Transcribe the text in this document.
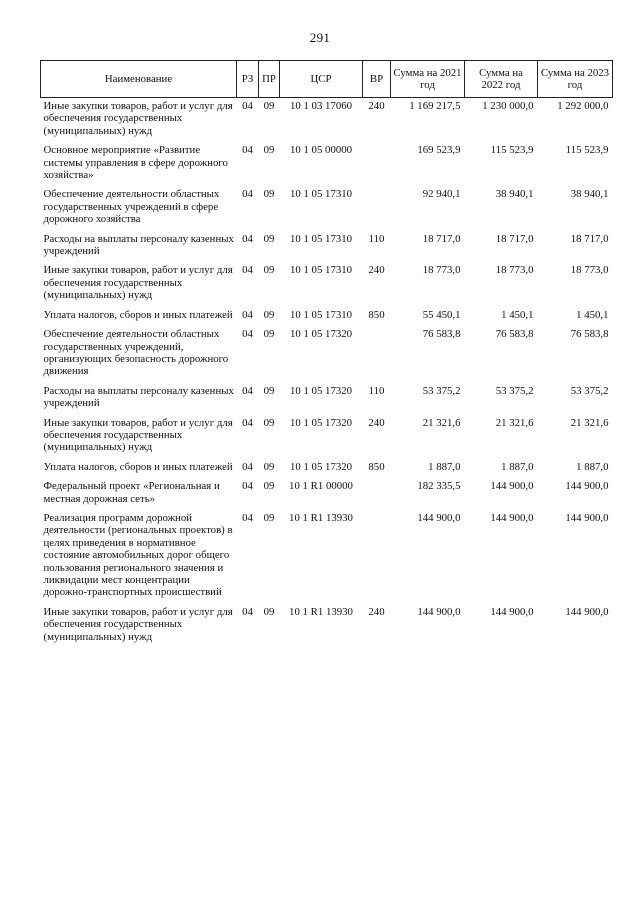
291
Наименование	РЗ	ПР	ЦСР	ВР	Сумма на 2021 год	Сумма на 2022 год	Сумма на 2023 год
Иные закупки товаров, работ и услуг для обеспечения государственных (муниципальных) нужд	04	09	10 1 03 17060	240	1 169 217,5	1 230 000,0	1 292 000,0
Основное мероприятие «Развитие системы управления в сфере дорожного хозяйства»	04	09	10 1 05 00000		169 523,9	115 523,9	115 523,9
Обеспечение деятельности областных государственных учреждений в сфере дорожного хозяйства	04	09	10 1 05 17310		92 940,1	38 940,1	38 940,1
Расходы на выплаты персоналу казенных учреждений	04	09	10 1 05 17310	110	18 717,0	18 717,0	18 717,0
Иные закупки товаров, работ и услуг для обеспечения государственных (муниципальных) нужд	04	09	10 1 05 17310	240	18 773,0	18 773,0	18 773,0
Уплата налогов, сборов и иных платежей	04	09	10 1 05 17310	850	55 450,1	1 450,1	1 450,1
Обеспечение деятельности областных государственных учреждений, организующих безопасность дорожного движения	04	09	10 1 05 17320		76 583,8	76 583,8	76 583,8
Расходы на выплаты персоналу казенных учреждений	04	09	10 1 05 17320	110	53 375,2	53 375,2	53 375,2
Иные закупки товаров, работ и услуг для обеспечения государственных (муниципальных) нужд	04	09	10 1 05 17320	240	21 321,6	21 321,6	21 321,6
Уплата налогов, сборов и иных платежей	04	09	10 1 05 17320	850	1 887,0	1 887,0	1 887,0
Федеральный проект «Региональная и местная дорожная сеть»	04	09	10 1 R1 00000		182 335,5	144 900,0	144 900,0
Реализация программ дорожной деятельности (региональных проектов) в целях приведения в нормативное состояние автомобильных дорог общего пользования регионального значения и ликвидации мест концентрации дорожно-транспортных происшествий	04	09	10 1 R1 13930		144 900,0	144 900,0	144 900,0
Иные закупки товаров, работ и услуг для обеспечения государственных (муниципальных) нужд	04	09	10 1 R1 13930	240	144 900,0	144 900,0	144 900,0
